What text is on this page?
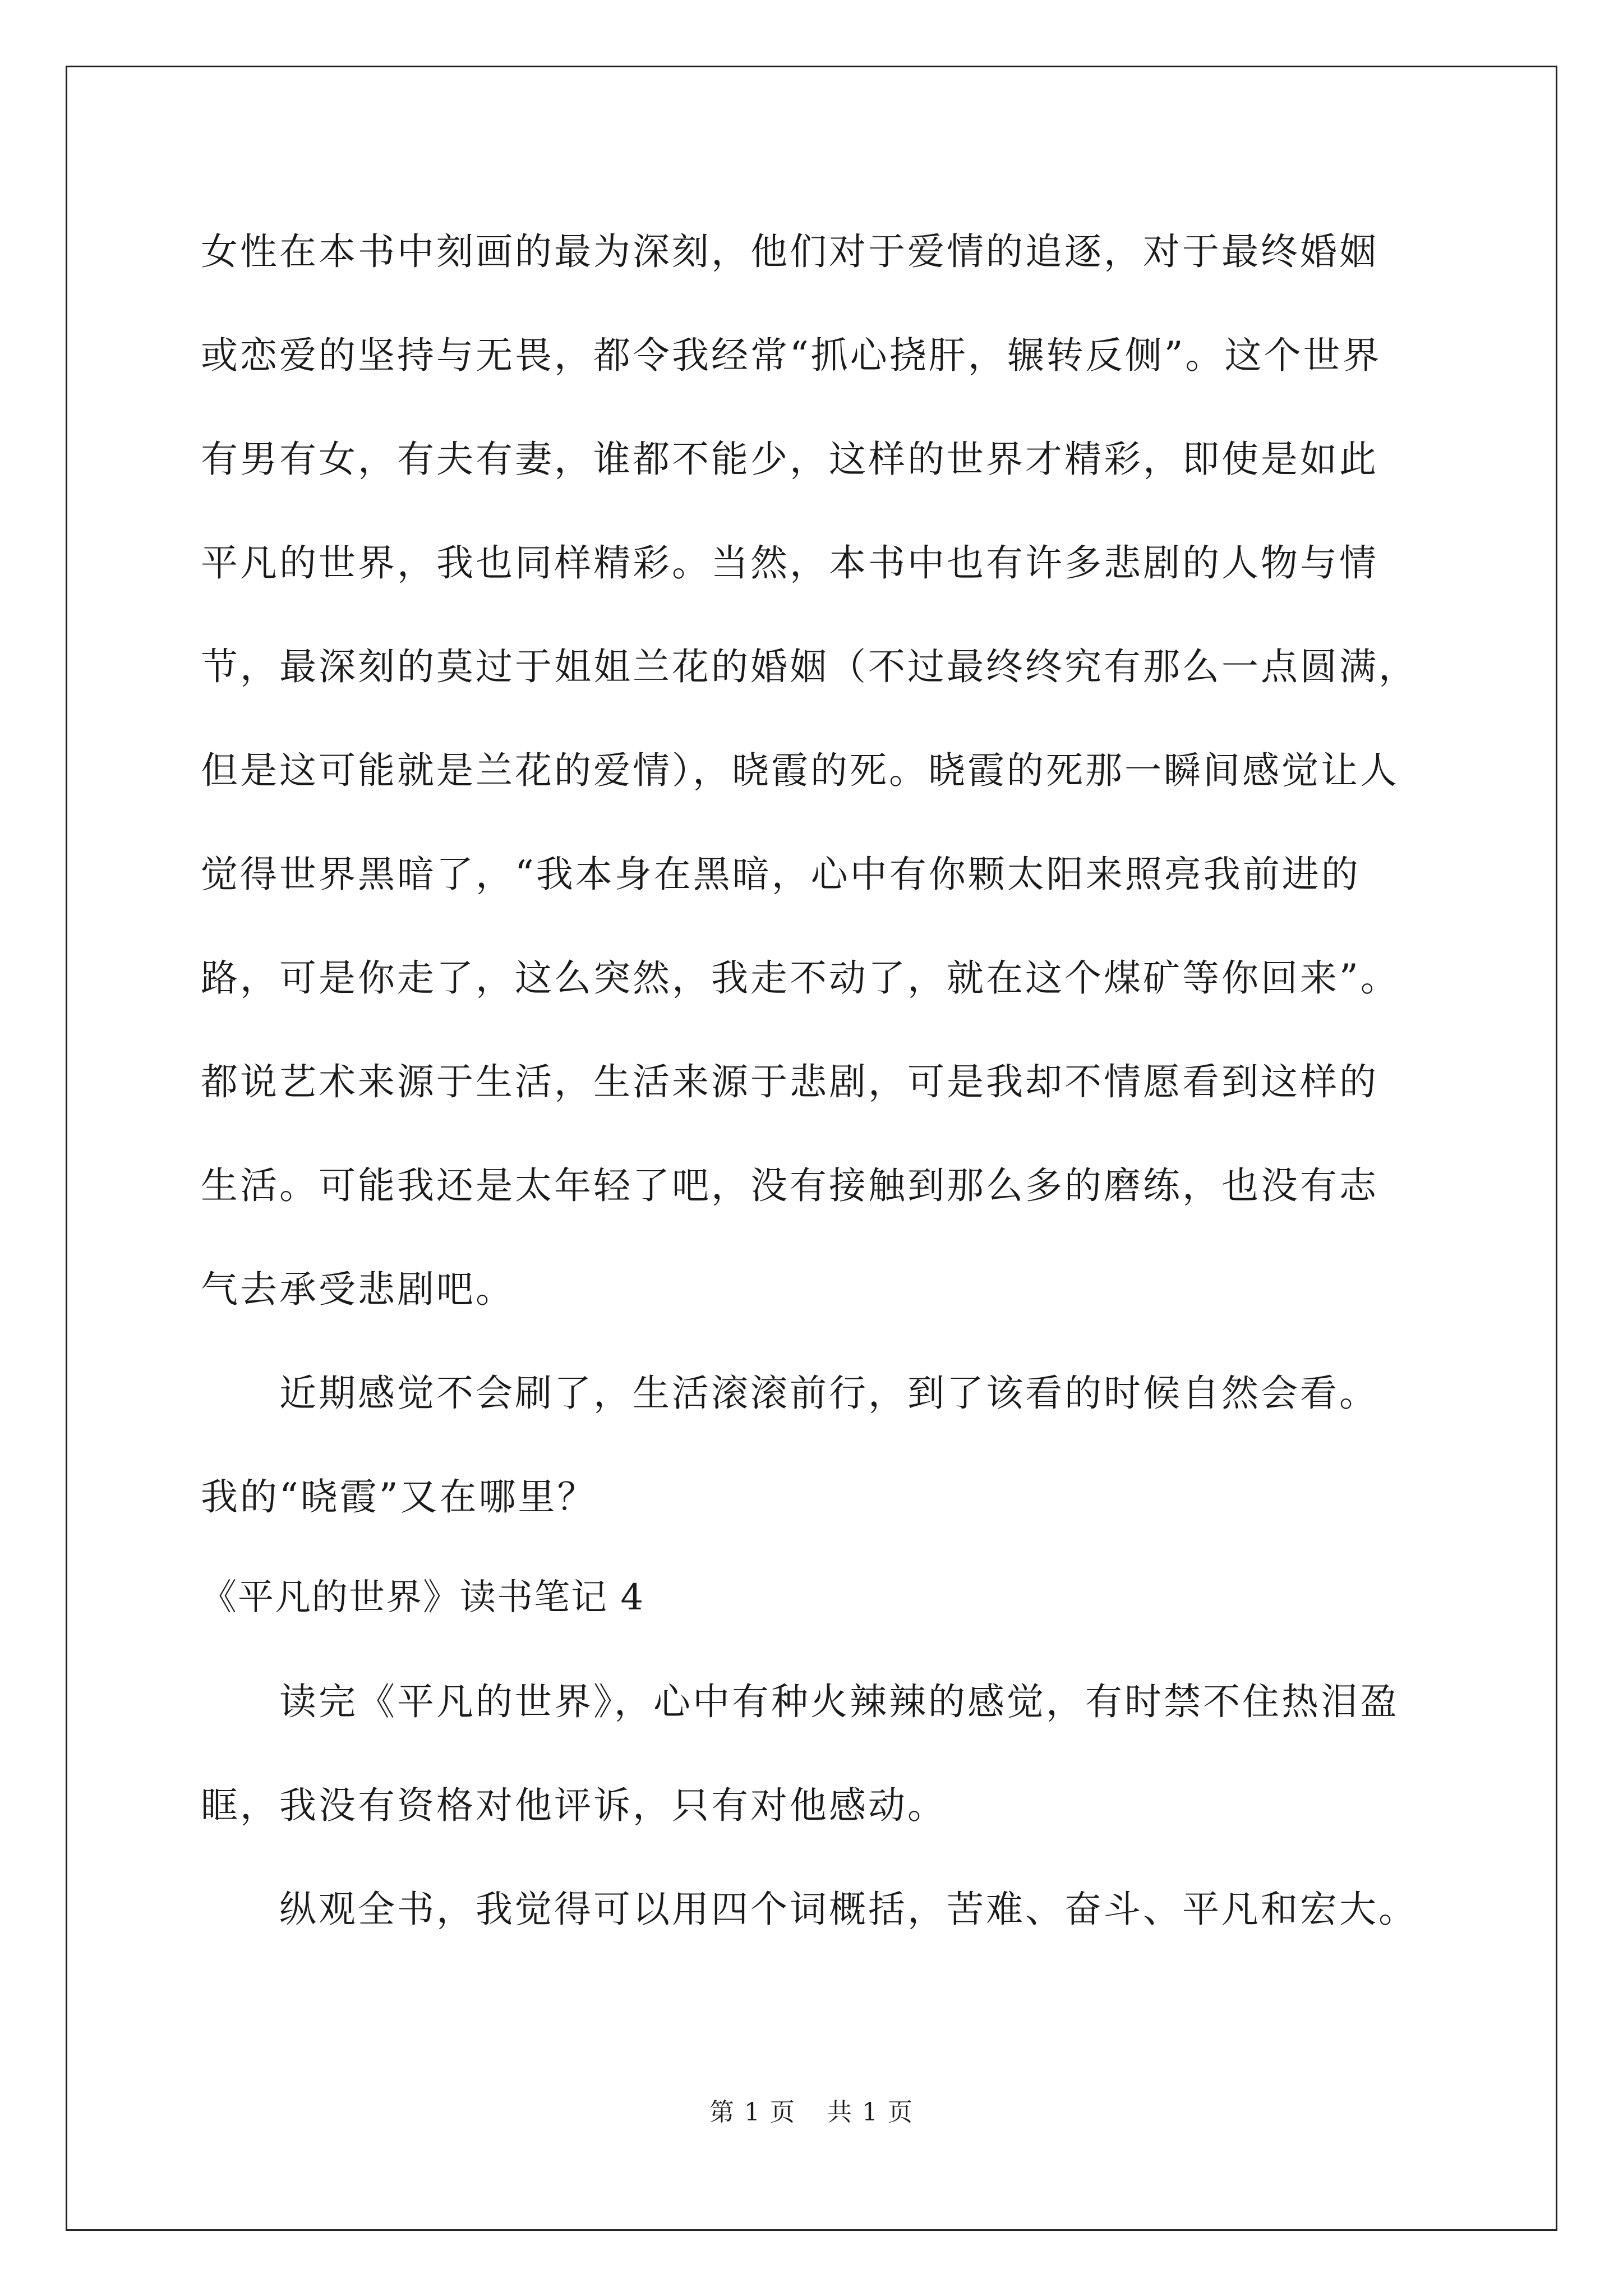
女性在本书中刻画的最为深刻，他们对于爱情的追逐，对于最终婚姻
或恋爱的坚持与无畏，都令我经常“抓心挠肝，辗转反侧”。这个世界
有男有女，有夫有妻，谁都不能少，这样的世界才精彩，即使是如此
平凡的世界，我也同样精彩。当然，本书中也有许多悲剧的人物与情
节，最深刻的莫过于姐姐兰花的婚姻（不过最终终究有那么一点圆满，
但是这可能就是兰花的爱情），晓霞的死。晓霞的死那一瞬间感觉让人
觉得世界黑暗了，“我本身在黑暗，心中有你颗太阳来照亮我前进的
路，可是你走了，这么突然，我走不动了，就在这个煤矿等你回来”。
都说艺术来源于生活，生活来源于悲剧，可是我却不情愿看到这样的
生活。可能我还是太年轻了吧，没有接触到那么多的磨练，也没有志
气去承受悲剧吧。
近期感觉不会刷了，生活滚滚前行，到了该看的时候自然会看。
我的“晓霞”又在哪里？
《平凡的世界》读书笔记 4
读完《平凡的世界》，心中有种火辣辣的感觉，有时禁不住热泪盈
眶，我没有资格对他评诉，只有对他感动。
纵观全书，我觉得可以用四个词概括，苦难、奋斗、平凡和宏大。
第 1 页 共 1 页
